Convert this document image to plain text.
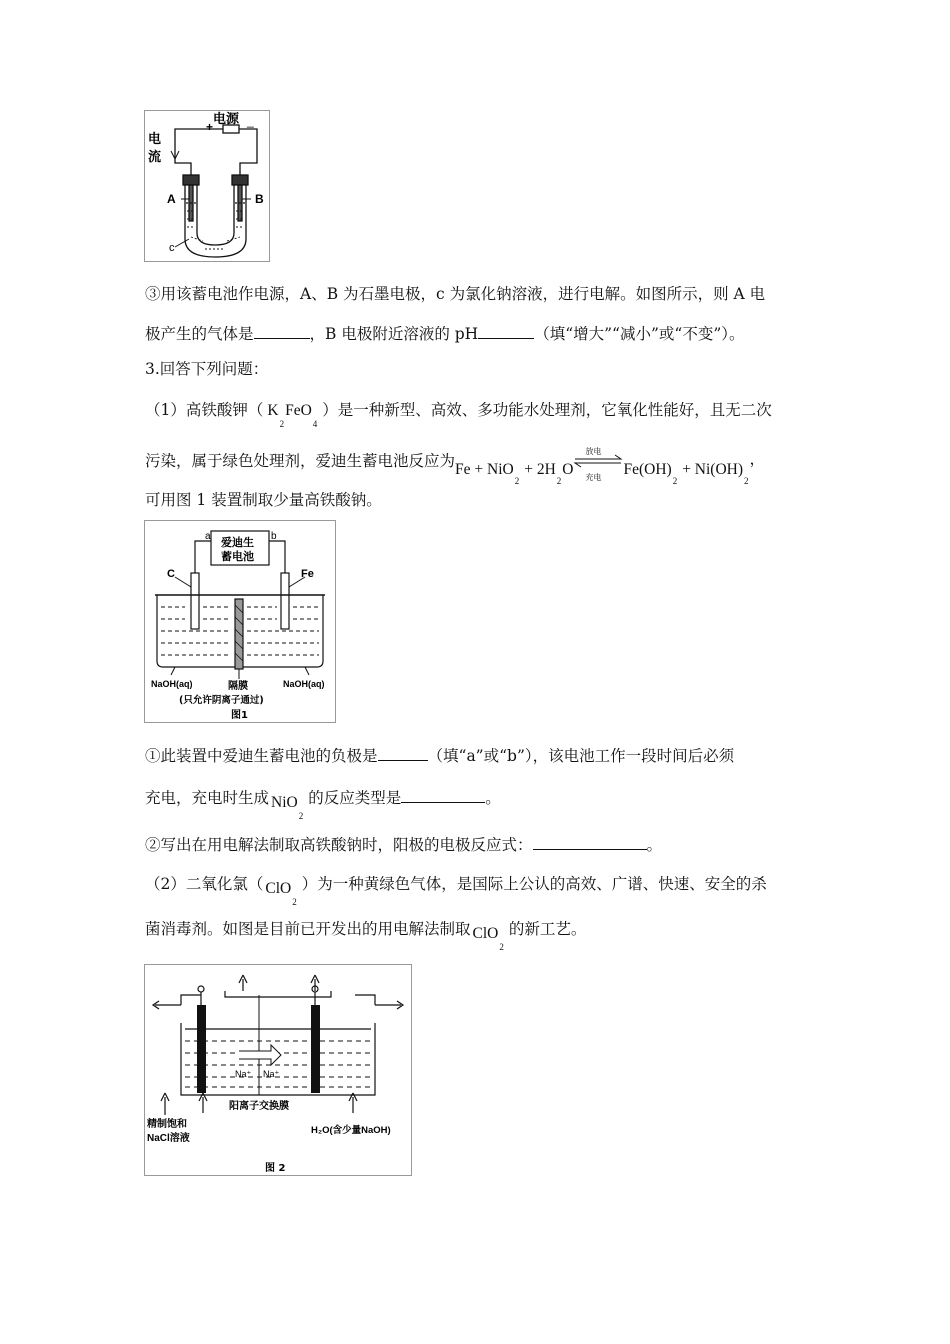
电源
+	_
电
流
A	B
c
③用该蓄电池作电源，A、B 为石墨电极，c 为氯化钠溶液，进行电解。如图所示，则 A 电
极产生的气体是	，B 电极附近溶液的 pH	（填“增大”“减小”或“不变”）。
3.回答下列问题：
（1）高铁酸钾（ $K_2FeO_4$）是一种新型、高效、多功能水处理剂，它氧化性能好，且无二次
污染，属于绿色处理剂，爱迪生蓄电池反应为$Fe + NiO_2+ 2H_2O$
放电
充电 $Fe(OH)_2+ Ni(OH)_2$，
可用图 1 装置制取少量高铁酸钠。
a	b
爱迪生
蓄电池
C	Fe
NaOH(aq)	NaOH(aq)
隔膜
(只允许阴离子通过)
图1
①此装置中爱迪生蓄电池的负极是	（填“a”或“b”），该电池工作一段时间后必须
充电，充电时生成 NiO$_2$的反应类型是	。
②写出在用电解法制取高铁酸钠时，阳极的电极反应式：	。
（2）二氧化氯（ ClO$_2$）为一种黄绿色气体，是国际上公认的高效、广谱、快速、安全的杀
菌消毒剂。如图是目前已开发出的用电解法制取 ClO$_2$的新工艺。
Na⁺ Na⁺
阳离子交换膜
精制饱和
NaCl溶液
H₂O(含少量NaOH)
图 2
